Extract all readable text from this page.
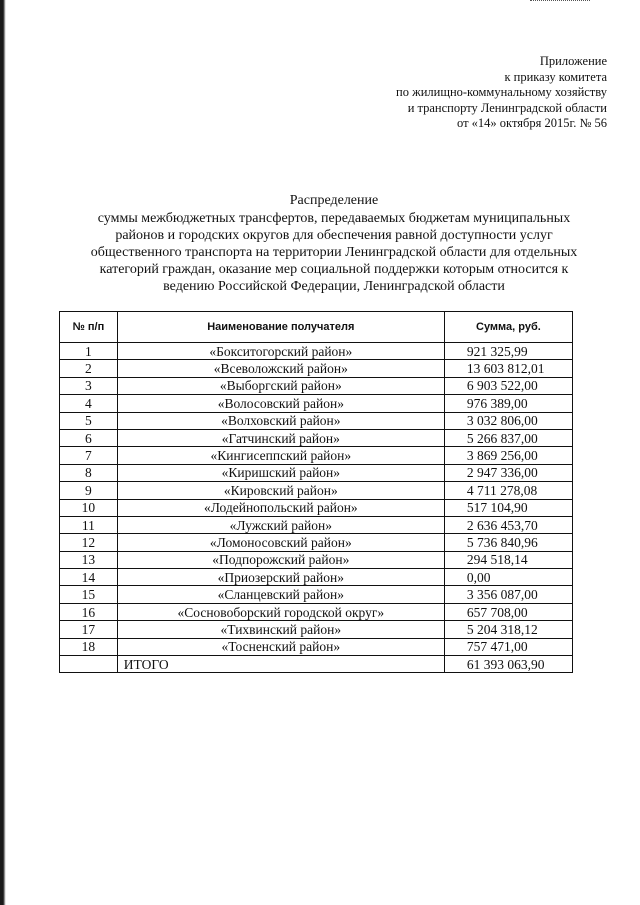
Приложение
к приказу комитета
по жилищно-коммунальному хозяйству
и транспорту Ленинградской области
от «14» октября 2015г. № 56
Распределение
суммы межбюджетных трансфертов, передаваемых бюджетам муниципальных
районов и городских округов для обеспечения равной доступности услуг
общественного транспорта на территории Ленинградской области для отдельных
категорий граждан, оказание мер социальной поддержки которым относится к
ведению Российской Федерации, Ленинградской области
№ п/п	Наименование получателя	Сумма, руб.
1	«Бокситогорский район»	921 325,99
2	«Всеволожский район»	13 603 812,01
3	«Выборгский район»	6 903 522,00
4	«Волосовский район»	976 389,00
5	«Волховский район»	3 032 806,00
6	«Гатчинский район»	5 266 837,00
7	«Кингисеппский район»	3 869 256,00
8	«Киришский район»	2 947 336,00
9	«Кировский район»	4 711 278,08
10	«Лодейнопольский район»	517 104,90
11	«Лужский район»	2 636 453,70
12	«Ломоносовский район»	5 736 840,96
13	«Подпорожский район»	294 518,14
14	«Приозерский район»	0,00
15	«Сланцевский район»	3 356 087,00
16	«Сосновоборский городской округ»	657 708,00
17	«Тихвинский район»	5 204 318,12
18	«Тосненский район»	757 471,00
	ИТОГО	61 393 063,90
